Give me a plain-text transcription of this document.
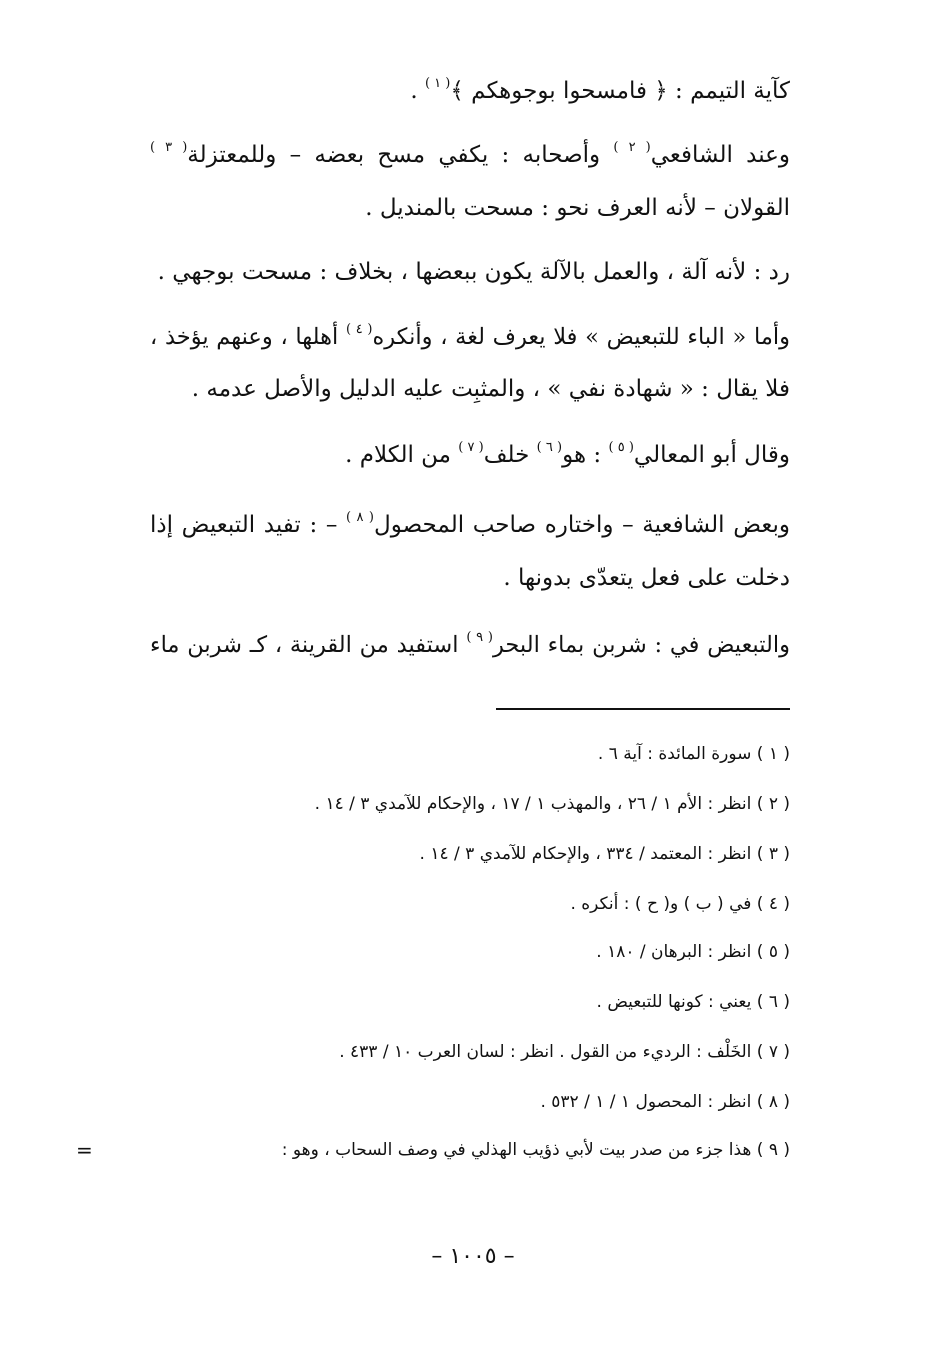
كآية التيمم : ﴿ فامسحوا بوجوهكم ﴾$^{( ١ )}$ .
وعند الشافعي$^{( ٢ )}$ وأصحابه : يكفي مسح بعضه – وللمعتزلة$^{( ٣ )}$
القولان – لأنه العرف نحو : مسحت بالمنديل .
رد : لأنه آلة ، والعمل بالآلة يكون ببعضها ، بخلاف : مسحت بوجهي .
وأما « الباء للتبعيض » فلا يعرف لغة ، وأنكره$^{( ٤ )}$ أهلها ، وعنهم يؤخذ ،
فلا يقال : « شهادة نفي » ، والمثبِت عليه الدليل والأصل عدمه .
وقال أبو المعالي$^{( ٥ )}$ : هو$^{( ٦ )}$ خلف$^{( ٧ )}$ من الكلام .
وبعض الشافعية – واختاره صاحب المحصول$^{( ٨ )}$ – : تفيد التبعيض إذا
دخلت على فعل يتعدّى بدونها .
والتبعيض في : شربن بماء البحر$^{( ٩ )}$ استفيد من القرينة ، كـ شربن ماء
( ١ ) سورة المائدة : آية ٦ .
( ٢ ) انظر : الأم ١ / ٢٦ ، والمهذب ١ / ١٧ ، والإحكام للآمدي ٣ / ١٤ .
( ٣ ) انظر : المعتمد / ٣٣٤ ، والإحكام للآمدي ٣ / ١٤ .
( ٤ ) في ( ب ) و( ح ) : أنكره .
( ٥ ) انظر : البرهان / ١٨٠ .
( ٦ ) يعني : كونها للتبعيض .
( ٧ ) الخَلْف : الرديء من القول . انظر : لسان العرب ١٠ / ٤٣٣ .
( ٨ ) انظر : المحصول ١ / ١ / ٥٣٢ .
( ٩ ) هذا جزء من صدر بيت لأبي ذؤيب الهذلي في وصف السحاب ، وهو :
=
– ١٠٠٥ –
